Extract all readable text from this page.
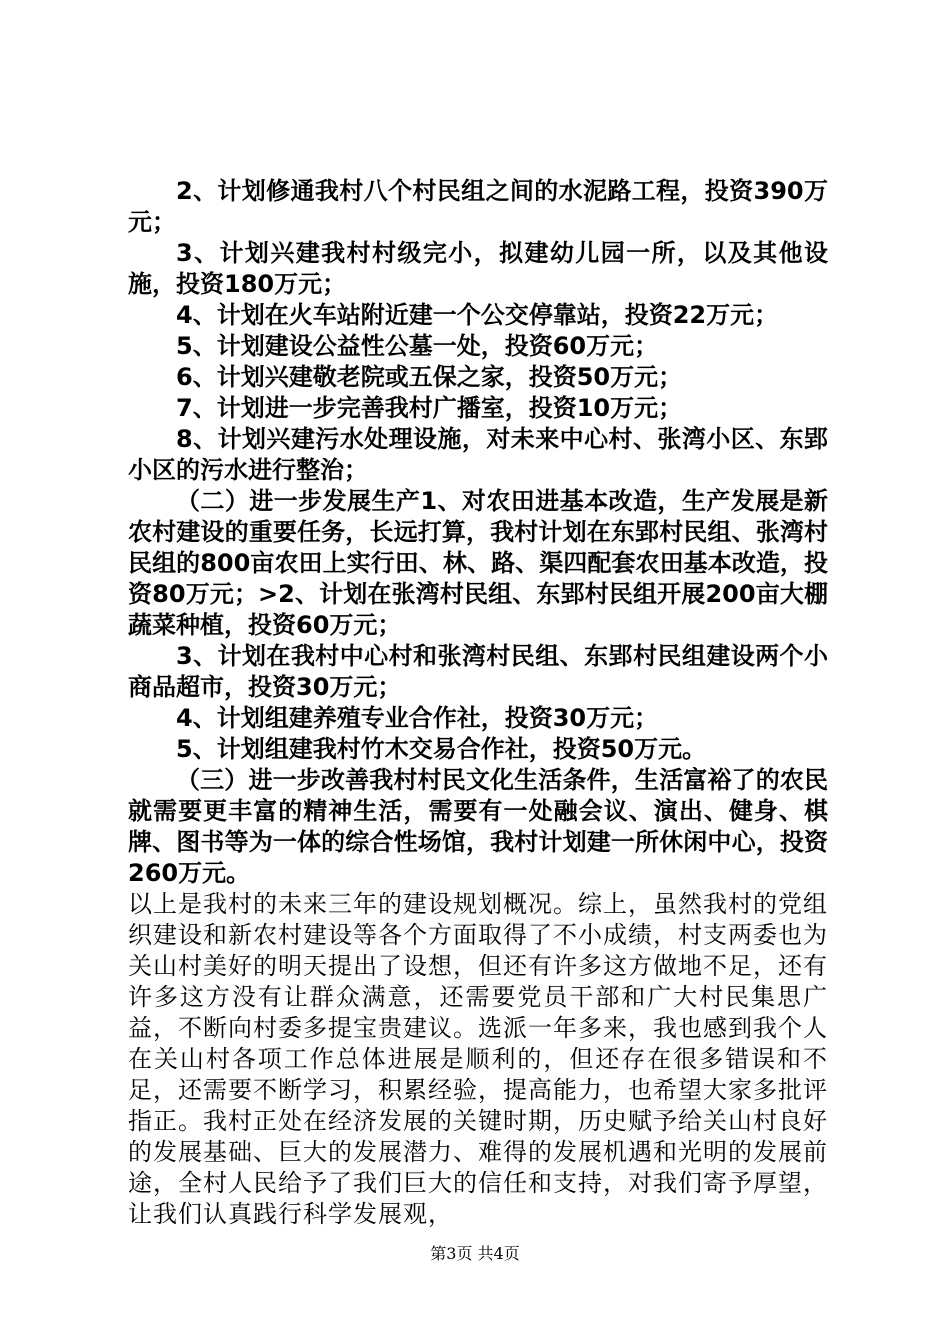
2、计划修通我村八个村民组之间的水泥路工程，投资390万元；

3、计划兴建我村村级完小，拟建幼儿园一所，以及其他设施，投资180万元；

4、计划在火车站附近建一个公交停靠站，投资22万元；

5、计划建设公益性公墓一处，投资60万元；

6、计划兴建敬老院或五保之家，投资50万元；

7、计划进一步完善我村广播室，投资10万元；

8、计划兴建污水处理设施，对未来中心村、张湾小区、东郢小区的污水进行整治；

（二）进一步发展生产1、对农田进基本改造，生产发展是新农村建设的重要任务，长远打算，我村计划在东郢村民组、张湾村民组的800亩农田上实行田、林、路、渠四配套农田基本改造，投资80万元；>2、计划在张湾村民组、东郢村民组开展200亩大棚蔬菜种植，投资60万元；

3、计划在我村中心村和张湾村民组、东郢村民组建设两个小商品超市，投资30万元；

4、计划组建养殖专业合作社，投资30万元；

5、计划组建我村竹木交易合作社，投资50万元。

（三）进一步改善我村村民文化生活条件，生活富裕了的农民就需要更丰富的精神生活，需要有一处融会议、演出、健身、棋牌、图书等为一体的综合性场馆，我村计划建一所休闲中心，投资260万元。

以上是我村的未来三年的建设规划概况。综上，虽然我村的党组织建设和新农村建设等各个方面取得了不小成绩，村支两委也为关山村美好的明天提出了设想，但还有许多这方做地不足，还有许多这方没有让群众满意，还需要党员干部和广大村民集思广益，不断向村委多提宝贵建议。选派一年多来，我也感到我个人在关山村各项工作总体进展是顺利的，但还存在很多错误和不足，还需要不断学习，积累经验，提高能力，也希望大家多批评指正。我村正处在经济发展的关键时期，历史赋予给关山村良好的发展基础、巨大的发展潜力、难得的发展机遇和光明的发展前途，全村人民给予了我们巨大的信任和支持，对我们寄予厚望，让我们认真践行科学发展观，

第3页 共4页
